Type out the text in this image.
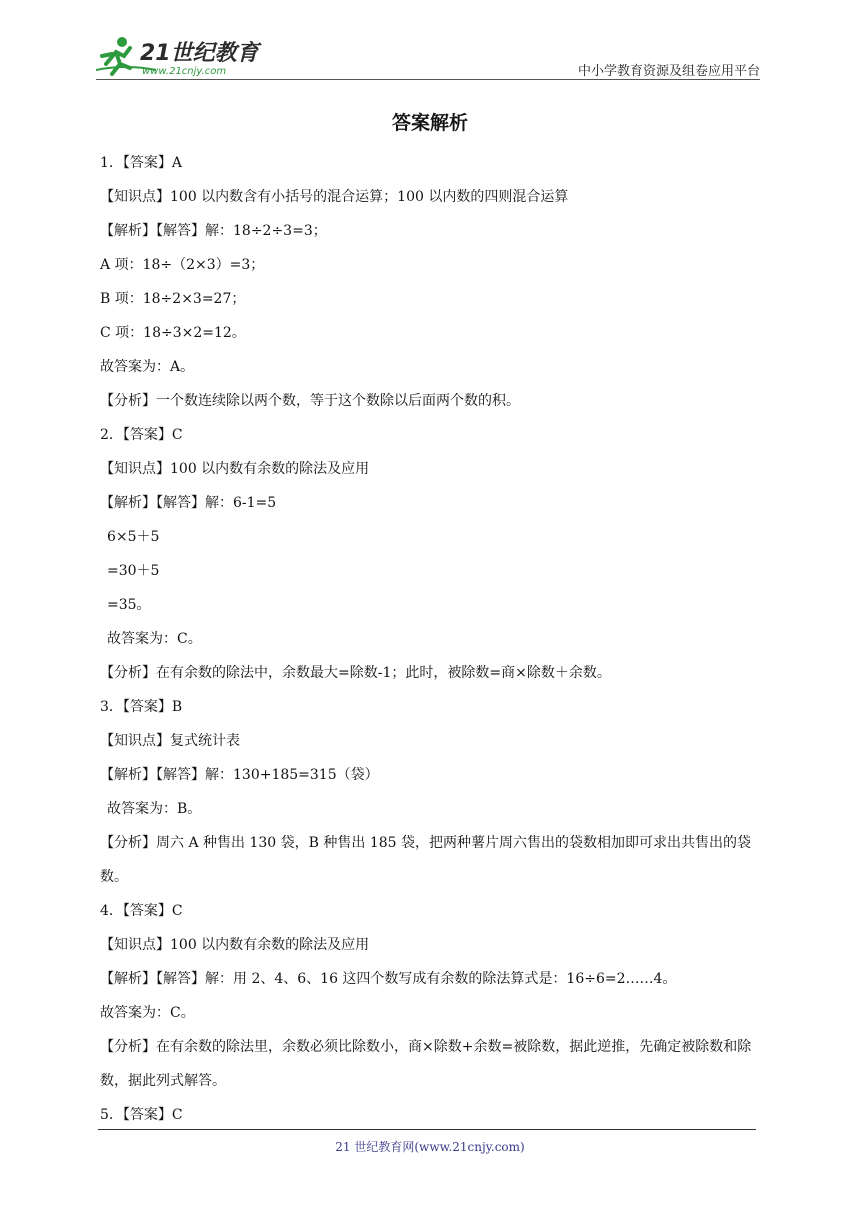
21世纪教育
www.21cnjy.com	中小学教育资源及组卷应用平台
答案解析
1．【答案】A
【知识点】100 以内数含有小括号的混合运算；100 以内数的四则混合运算
【解析】【解答】解：18÷2÷3=3；
A 项：18÷（2×3）=3；
B 项：18÷2×3=27；
C 项：18÷3×2=12。
故答案为：A。
【分析】一个数连续除以两个数，等于这个数除以后面两个数的积。
2．【答案】C
【知识点】100 以内数有余数的除法及应用
【解析】【解答】解：6-1=5
6×5＋5
=30＋5
=35。
故答案为：C。
【分析】在有余数的除法中，余数最大=除数-1；此时，被除数=商×除数＋余数。
3．【答案】B
【知识点】复式统计表
【解析】【解答】解：130+185=315（袋）
故答案为：B。
【分析】周六 A 种售出 130 袋，B 种售出 185 袋，把两种薯片周六售出的袋数相加即可求出共售出的袋数。
4．【答案】C
【知识点】100 以内数有余数的除法及应用
【解析】【解答】解：用 2、4、6、16 这四个数写成有余数的除法算式是：16÷6=2……4。
故答案为：C。
【分析】在有余数的除法里，余数必须比除数小，商×除数+余数=被除数，据此逆推，先确定被除数和除数，据此列式解答。
5．【答案】C
21 世纪教育网(www.21cnjy.com)
